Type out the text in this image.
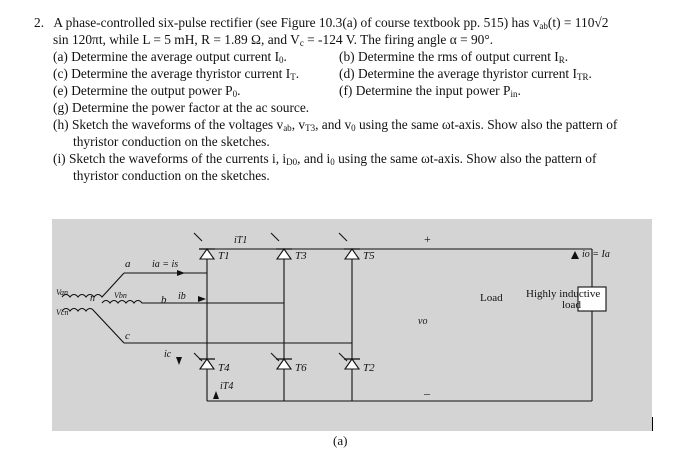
2. A phase-controlled six-pulse rectifier (see Figure 10.3(a) of course textbook pp. 515) has $v_{ab}(t) = 110√2$
sin 120πt, while L = 5 mH, R = 1.89 Ω, and $V_c = -124$ V. The firing angle α = 90°.
(a) Determine the average output current $I_0$.	(b) Determine the rms of output current $I_R$.
(c) Determine the average thyristor current $I_T$.	(d) Determine the average thyristor current $I_{TR}$.
(e) Determine the output power $P_0$.	(f) Determine the input power $P_{in}$.
(g) Determine the power factor at the ac source.
(h) Sketch the waveforms of the voltages $v_{ab}$, $v_{T3}$, and $v_0$ using the same ωt-axis. Show also the pattern of
thyristor conduction on the sketches.
(i) Sketch the waveforms of the currents i, $i_{D0}$, and $i_0$ using the same ωt-axis. Show also the pattern of
thyristor conduction on the sketches.
a
b
c
n
Van	Vbn
Vcn
ia = is
ib
ic
iT1
iT4
T1	T3	T5
T4	T6	T2
+
–
vo
io = Ia
Load Highly inductive
load
(a)
